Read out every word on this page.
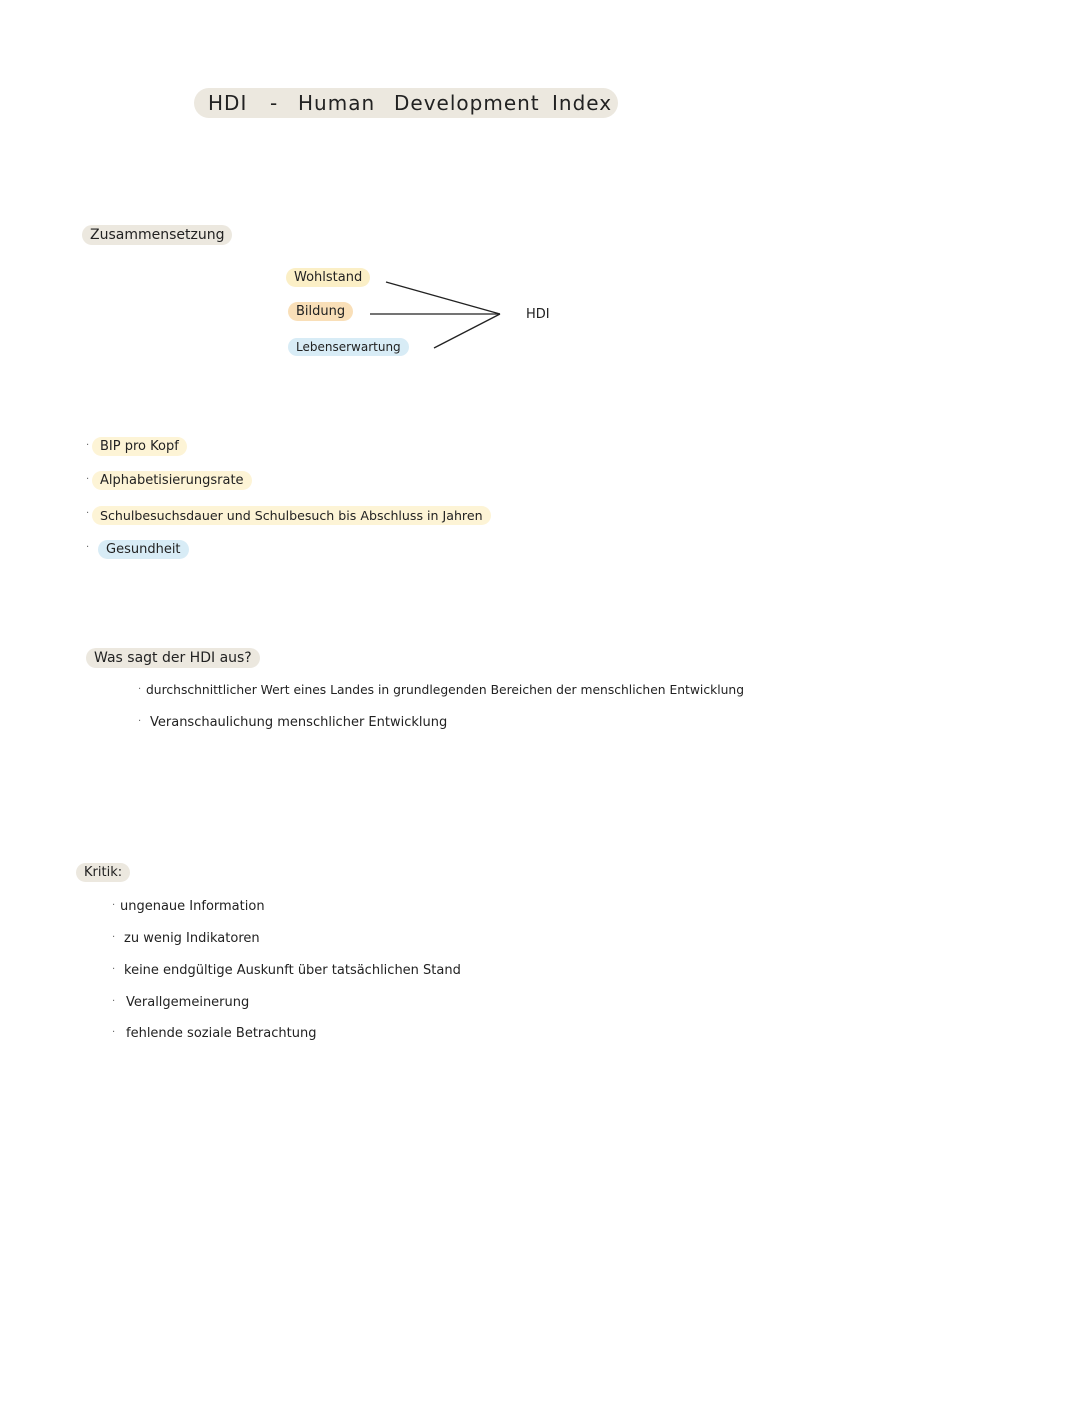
HDI - Human Development Index
Zusammensetzung
Wohlstand
Bildung
Lebenserwartung
HDI
· BIP pro Kopf
· Alphabetisierungsrate
· Schulbesuchsdauer und Schulbesuch bis Abschluss in Jahren
·	Gesundheit
Was sagt der HDI aus?
· durchschnittlicher Wert eines Landes in grundlegenden Bereichen der menschlichen Entwicklung
· Veranschaulichung menschlicher Entwicklung
Kritik:
· ungenaue Information
· zu wenig Indikatoren
· keine endgültige Auskunft über tatsächlichen Stand
· Verallgemeinerung
· fehlende soziale Betrachtung
